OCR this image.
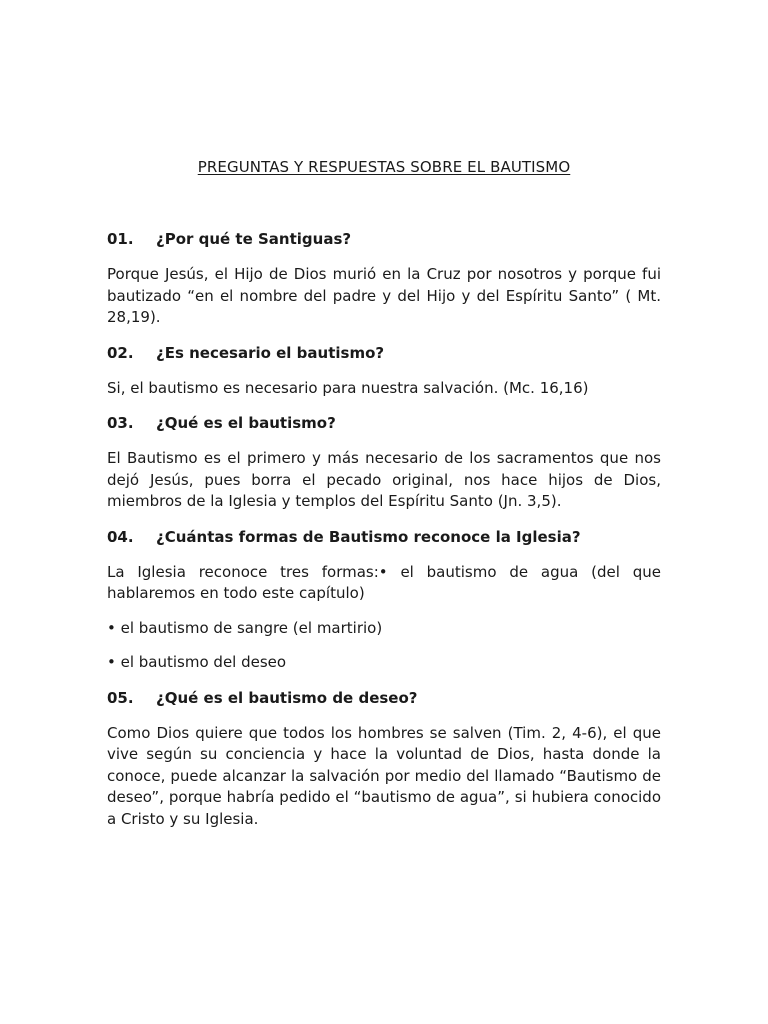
PREGUNTAS Y RESPUESTAS SOBRE EL BAUTISMO
01.	¿Por qué te Santiguas?
Porque Jesús, el Hijo de Dios murió en la Cruz por nosotros y porque fui bautizado “en el nombre del padre y del Hijo y del Espíritu Santo” ( Mt. 28,19).
02.	¿Es necesario el bautismo?
Si, el bautismo es necesario para nuestra salvación. (Mc. 16,16)
03.	¿Qué es el bautismo?
El Bautismo es el primero y más necesario de los sacramentos que nos dejó Jesús, pues borra el pecado original, nos hace hijos de Dios, miembros de la Iglesia y templos del Espíritu Santo (Jn. 3,5).
04.	¿Cuántas formas de Bautismo reconoce la Iglesia?
La Iglesia reconoce tres formas:• el bautismo de agua (del que hablaremos en todo este capítulo)
• el bautismo de sangre (el martirio)
• el bautismo del deseo
05.	¿Qué es el bautismo de deseo?
Como Dios quiere que todos los hombres se salven (Tim. 2, 4-6), el que vive según su conciencia y hace la voluntad de Dios, hasta donde la conoce, puede alcanzar la salvación por medio del llamado “Bautismo de deseo”, porque habría pedido el “bautismo de agua”, si hubiera conocido a Cristo y su Iglesia.
